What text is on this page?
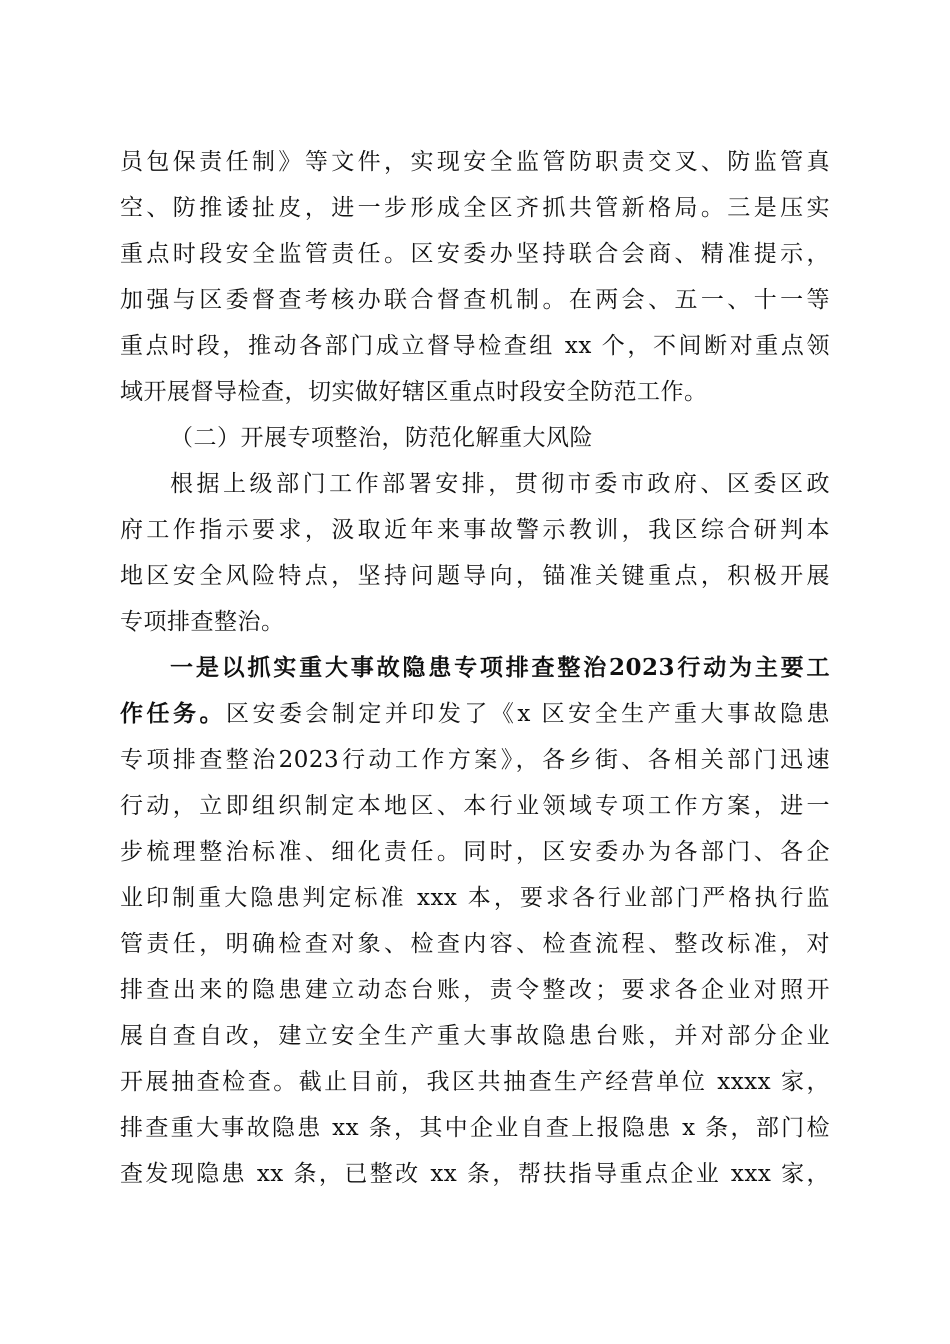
员包保责任制》等文件，实现安全监管防职责交叉、防监管真
空、防推诿扯皮，进一步形成全区齐抓共管新格局。三是压实
重点时段安全监管责任。区安委办坚持联合会商、精准提示，
加强与区委督查考核办联合督查机制。在两会、五一、十一等
重点时段，推动各部门成立督导检查组 xx 个，不间断对重点领
域开展督导检查，切实做好辖区重点时段安全防范工作。
（二）开展专项整治，防范化解重大风险
根据上级部门工作部署安排，贯彻市委市政府、区委区政
府工作指示要求，汲取近年来事故警示教训，我区综合研判本
地区安全风险特点，坚持问题导向，锚准关键重点，积极开展
专项排查整治。
一是以抓实重大事故隐患专项排查整治2023行动为主要工
作任务。区安委会制定并印发了《x 区安全生产重大事故隐患
专项排查整治2023行动工作方案》，各乡街、各相关部门迅速
行动，立即组织制定本地区、本行业领域专项工作方案，进一
步梳理整治标准、细化责任。同时，区安委办为各部门、各企
业印制重大隐患判定标准 xxx 本，要求各行业部门严格执行监
管责任，明确检查对象、检查内容、检查流程、整改标准，对
排查出来的隐患建立动态台账，责令整改；要求各企业对照开
展自查自改，建立安全生产重大事故隐患台账，并对部分企业
开展抽查检查。截止目前，我区共抽查生产经营单位 xxxx 家，
排查重大事故隐患 xx 条，其中企业自查上报隐患 x 条，部门检
查发现隐患 xx 条，已整改 xx 条，帮扶指导重点企业 xxx 家，
